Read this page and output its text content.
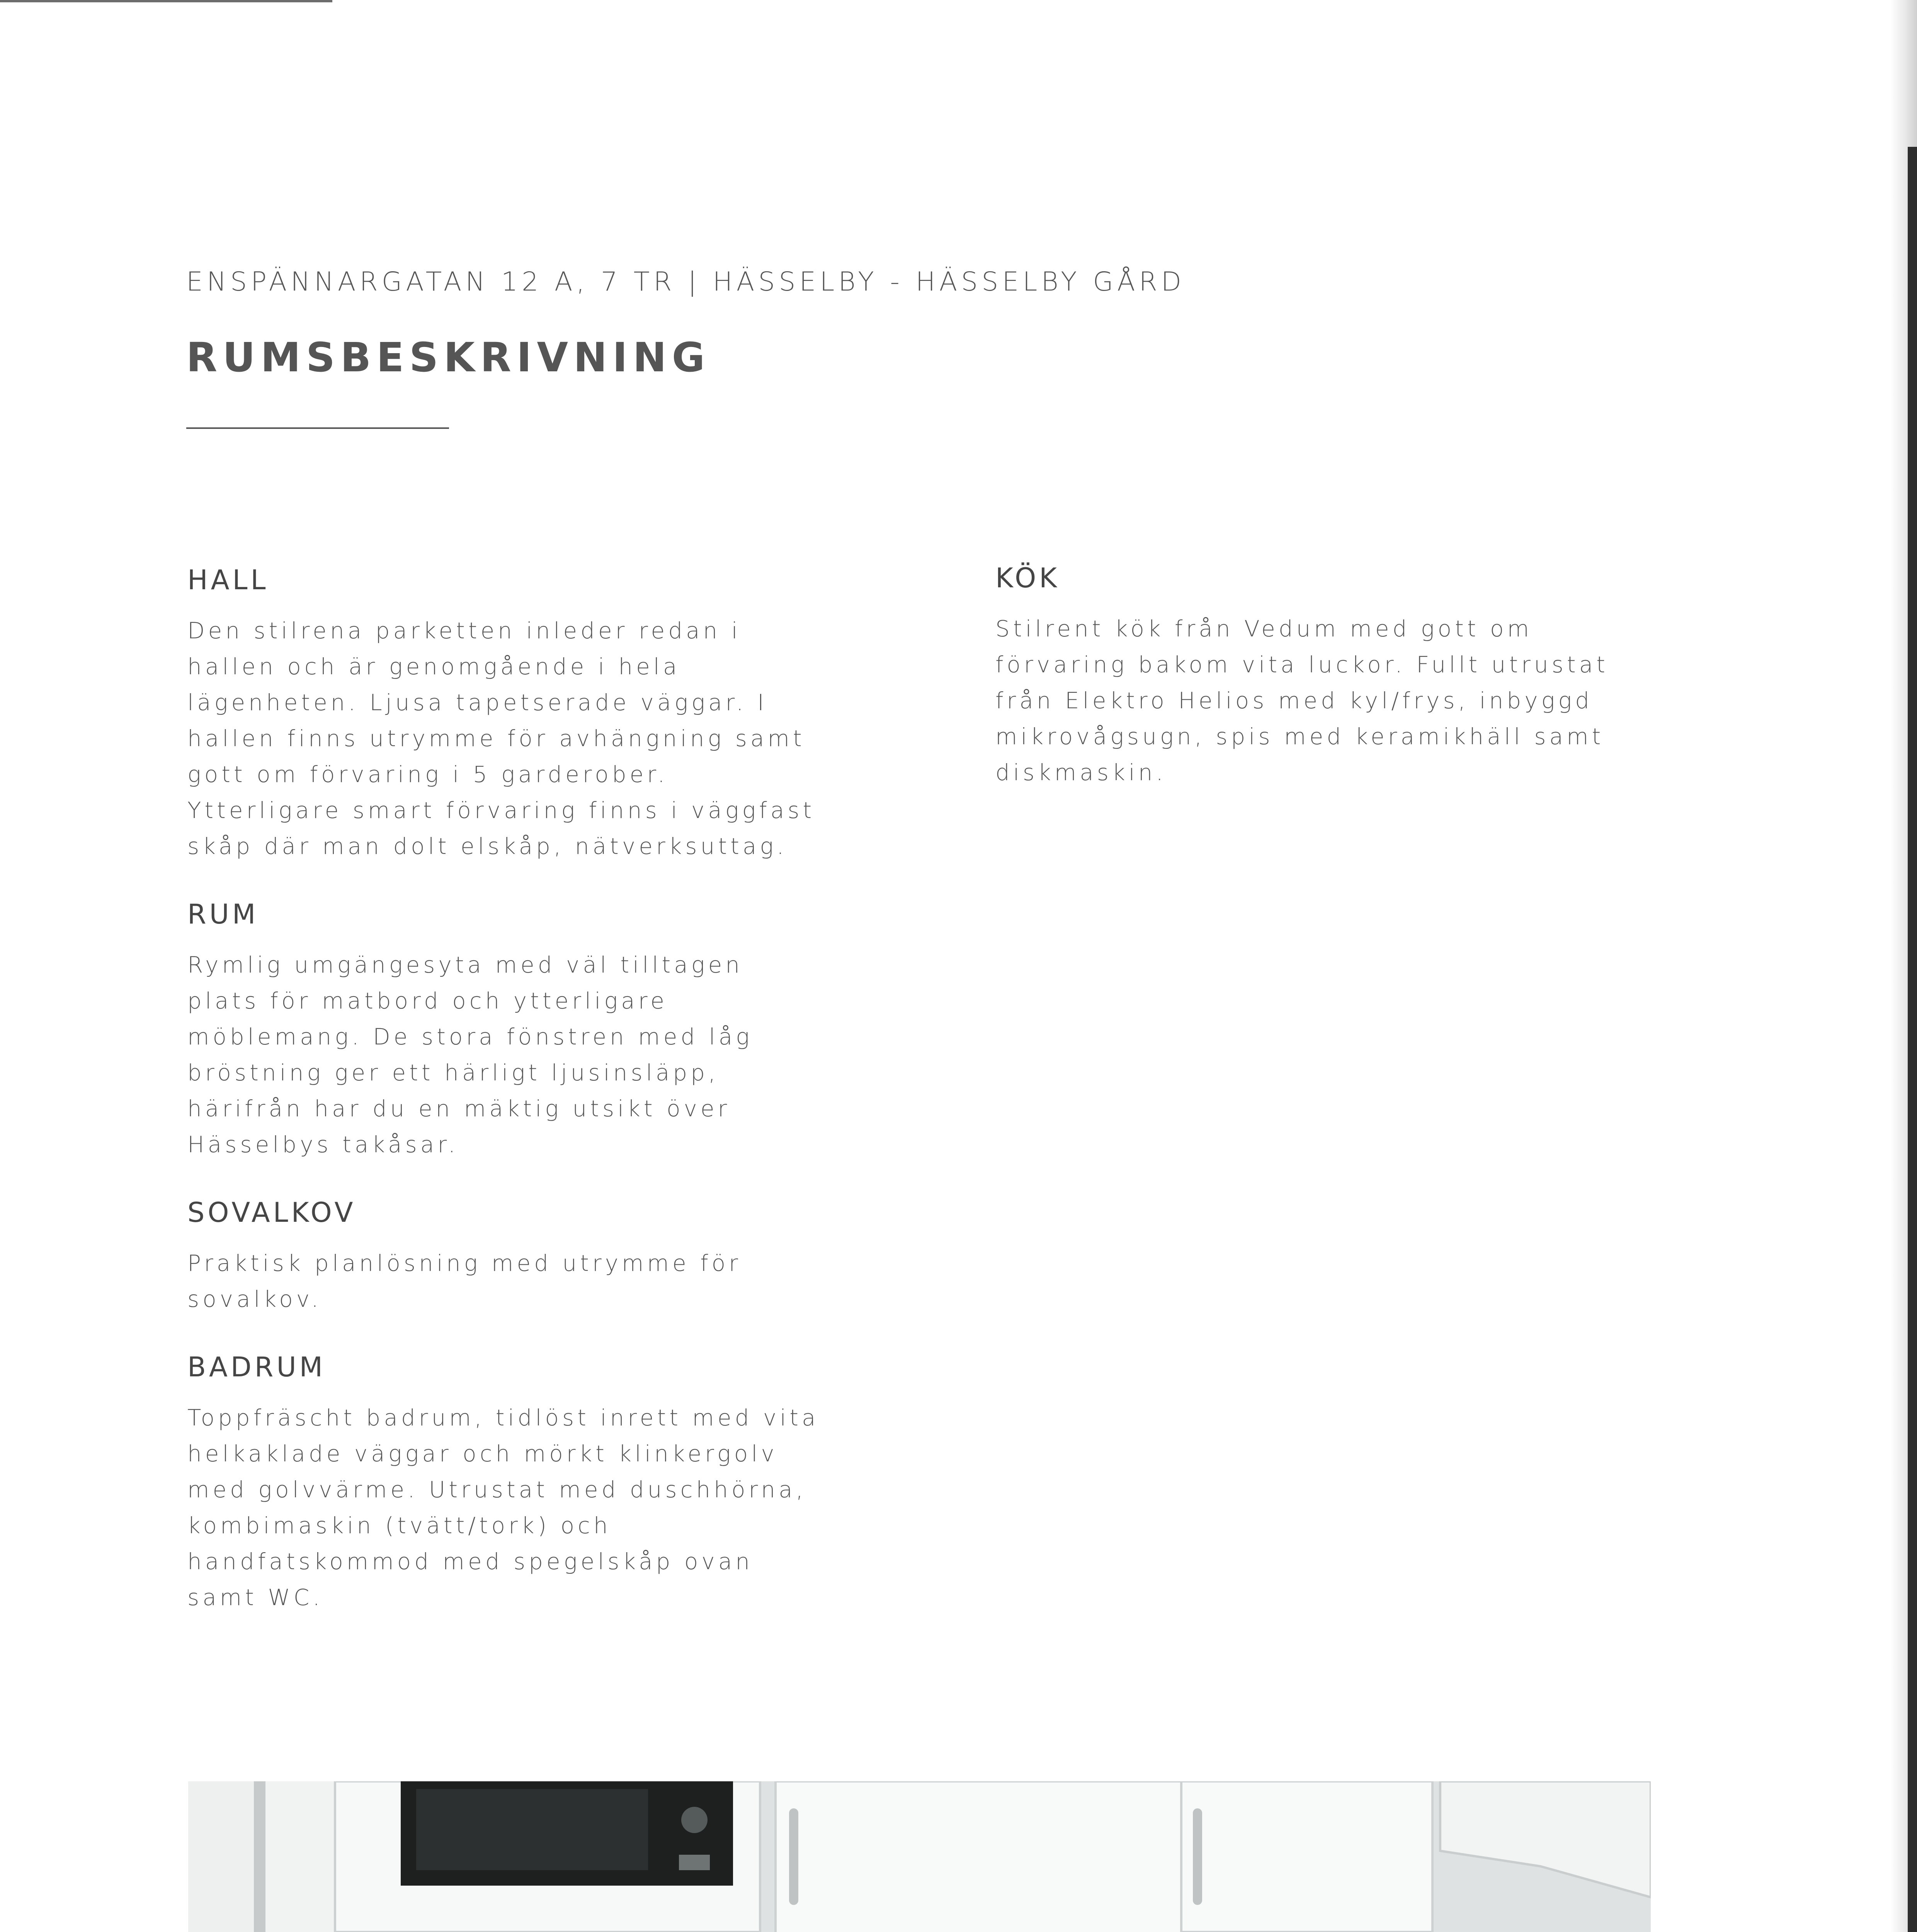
ENSPÄNNARGATAN 12 A, 7 TR | HÄSSELBY - HÄSSELBY GÅRD

RUMSBESKRIVNING
HALL

Den stilrena parketten inleder redan i
hallen och är genomgående i hela
lägenheten. Ljusa tapetserade väggar. I
hallen finns utrymme för avhängning samt
gott om förvaring i 5 garderober.
Ytterligare smart förvaring finns i väggfast
skåp där man dolt elskåp, nätverksuttag.

RUM

Rymlig umgängesyta med väl tilltagen
plats för matbord och ytterligare
möblemang. De stora fönstren med låg
bröstning ger ett härligt ljusinsläpp,
härifrån har du en mäktig utsikt över
Hässelbys takåsar.

SOVALKOV

Praktisk planlösning med utrymme för
sovalkov.

BADRUM

Toppfräscht badrum, tidlöst inrett med vita
helkaklade väggar och mörkt klinkergolv
med golvvärme. Utrustat med duschhörna,
kombimaskin (tvätt/tork) och
handfatskommod med spegelskåp ovan
samt WC.

KÖK

Stilrent kök från Vedum med gott om
förvaring bakom vita luckor. Fullt utrustat
från Elektro Helios med kyl/frys, inbyggd
mikrovågsugn, spis med keramikhäll samt
diskmaskin.
